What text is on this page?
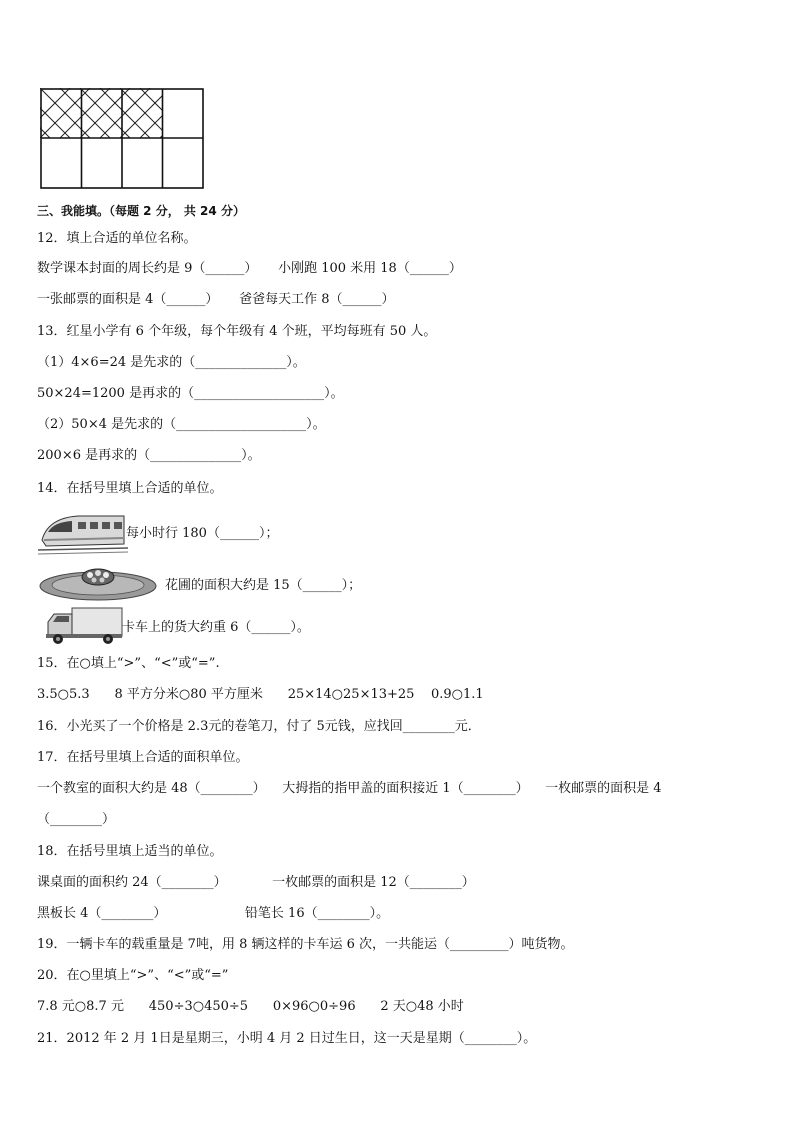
三、我能填。（每题 2 分， 共 24 分）
12．填上合适的单位名称。
数学课本封面的周长约是 9（______）     小刚跑 100 米用 18（______）
一张邮票的面积是 4（______）     爸爸每天工作 8（______）
13．红星小学有 6 个年级，每个年级有 4 个班，平均每班有 50 人。
（1）4×6=24 是先求的（______________）。
50×24=1200 是再求的（____________________）。
（2）50×4 是先求的（____________________）。
200×6 是再求的（______________）。
14．在括号里填上合适的单位。
每小时行 180（______）；
花圃的面积大约是 15（______）；
卡车上的货大约重 6（______）。
15．在○填上“>”、“<”或“=”.
3.5○5.3      8 平方分米○80 平方厘米      25×14○25×13+25    0.9○1.1
16．小光买了一个价格是 2.3元的卷笔刀，付了 5元钱，应找回________元．
17．在括号里填上合适的面积单位。
一个教室的面积大约是 48（________）    大拇指的指甲盖的面积接近 1（________）    一枚邮票的面积是 4
（________）
18．在括号里填上适当的单位。
课桌面的面积约 24（________）           一枚邮票的面积是 12（________）
黑板长 4（________）                   铅笔长 16（________）。
19．一辆卡车的载重量是 7吨，用 8 辆这样的卡车运 6 次，一共能运（_________）吨货物。
20．在○里填上“>”、“<”或“=”
7.8 元○8.7 元      450÷3○450÷5      0×96○0÷96      2 天○48 小时
21．2012 年 2 月 1日是星期三，小明 4 月 2 日过生日，这一天是星期（________）。
